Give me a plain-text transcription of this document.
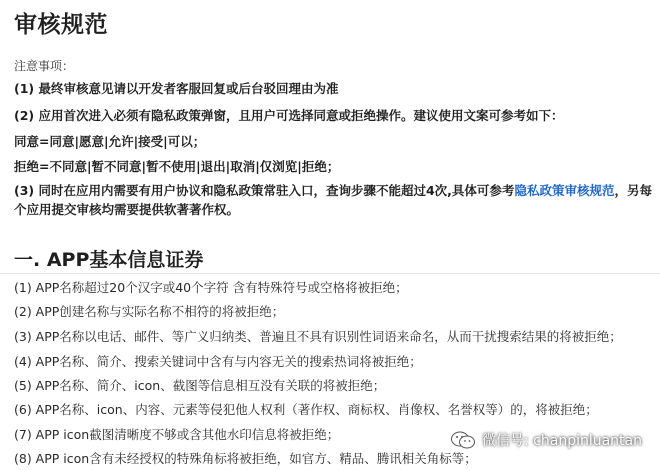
审核规范
注意事项：
(1) 最终审核意见请以开发者客服回复或后台驳回理由为准
(2) 应用首次进入必须有隐私政策弹窗，且用户可选择同意或拒绝操作。建议使用文案可参考如下：
同意=同意|愿意|允许|接受|可以；
拒绝=不同意|暂不同意|暂不使用|退出|取消|仅浏览|拒绝；
(3) 同时在应用内需要有用户协议和隐私政策常驻入口，查询步骤不能超过4次,具体可参考隐私政策审核规范，另每
个应用提交审核均需要提供软著著作权。
一. APP基本信息证券
(1) APP名称超过20个汉字或40个字符 含有特殊符号或空格将被拒绝；
(2) APP创建名称与实际名称不相符的将被拒绝；
(3) APP名称以电话、邮件、等广义归纳类、普遍且不具有识别性词语来命名，从而干扰搜索结果的将被拒绝；
(4) APP名称、简介、搜索关键词中含有与内容无关的搜索热词将被拒绝；
(5) APP名称、简介、icon、截图等信息相互没有关联的将被拒绝；
(6) APP名称、icon、内容、元素等侵犯他人权利（著作权、商标权、肖像权、名誉权等）的，将被拒绝；
(7) APP icon截图清晰度不够或含其他水印信息将被拒绝；
(8) APP icon含有未经授权的特殊角标将被拒绝，如官方、精品、腾讯相关角标等；
微信号: chanpinluantan
